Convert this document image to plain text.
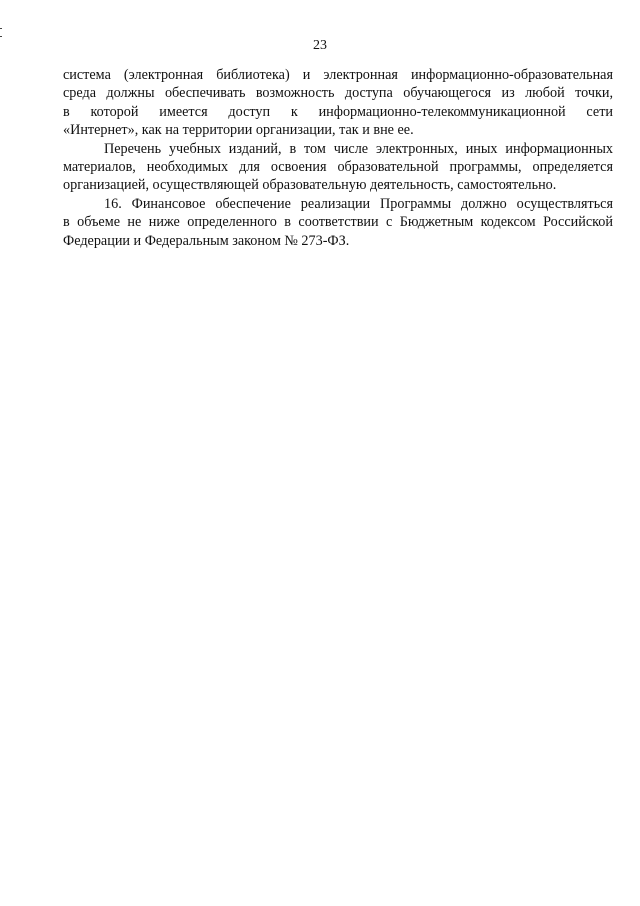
23
система (электронная библиотека) и электронная информационно-образовательная
среда должны обеспечивать возможность доступа обучающегося из любой точки,
в которой имеется доступ к информационно-телекоммуникационной сети
«Интернет», как на территории организации, так и вне ее.
Перечень учебных изданий, в том числе электронных, иных информационных
материалов, необходимых для освоения образовательной программы, определяется
организацией, осуществляющей образовательную деятельность, самостоятельно.
16. Финансовое обеспечение реализации Программы должно осуществляться
в объеме не ниже определенного в соответствии с Бюджетным кодексом Российской
Федерации и Федеральным законом № 273-ФЗ.
